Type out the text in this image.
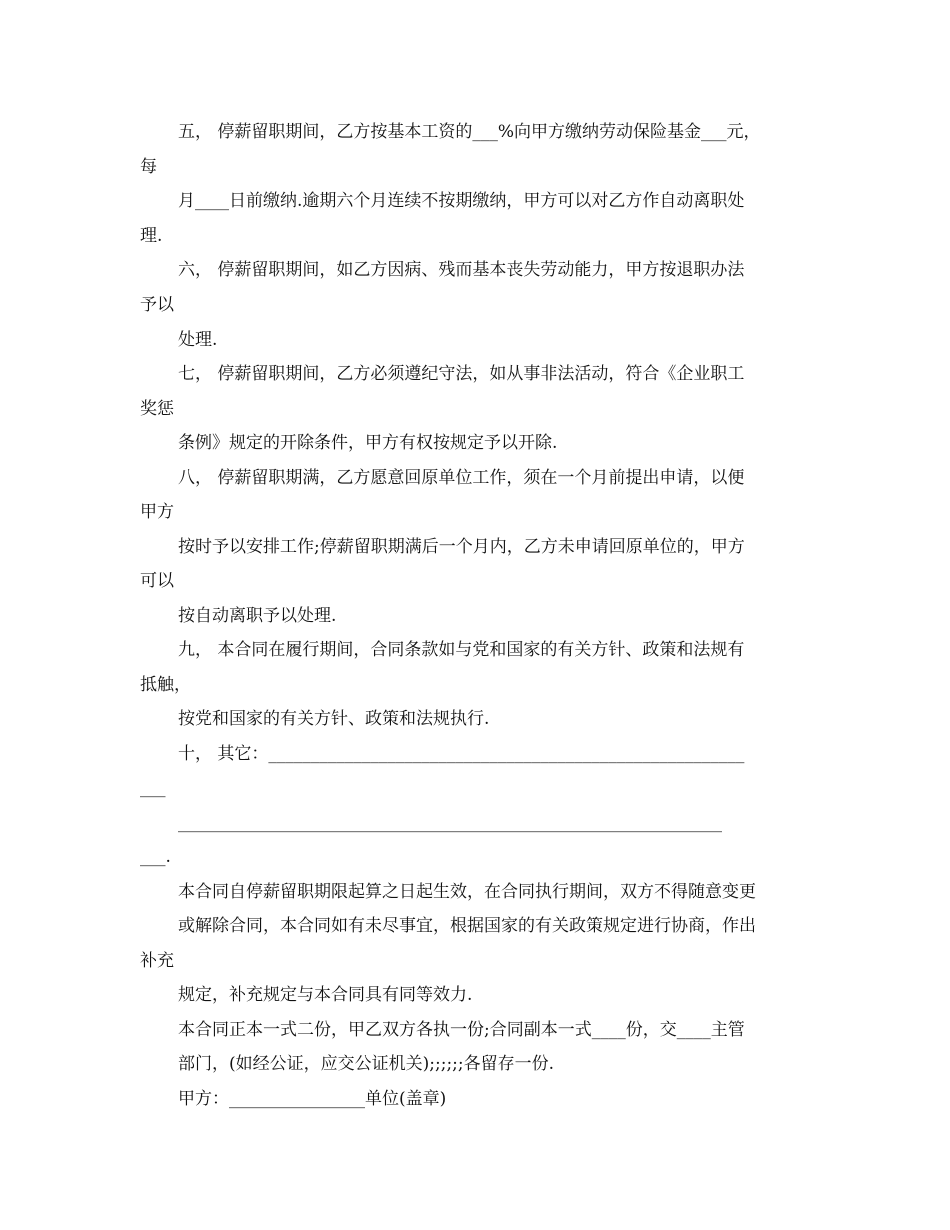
五， 停薪留职期间，乙方按基本工资的___%向甲方缴纳劳动保险基金___元，
每
月____日前缴纳.逾期六个月连续不按期缴纳，甲方可以对乙方作自动离职处
理.
六， 停薪留职期间，如乙方因病、残而基本丧失劳动能力，甲方按退职办法
予以
处理.
七， 停薪留职期间，乙方必须遵纪守法，如从事非法活动，符合《企业职工
奖惩
条例》规定的开除条件，甲方有权按规定予以开除.
八， 停薪留职期满，乙方愿意回原单位工作，须在一个月前提出申请，以便
甲方
按时予以安排工作;停薪留职期满后一个月内，乙方未申请回原单位的，甲方
可以
按自动离职予以处理.
九， 本合同在履行期间，合同条款如与党和国家的有关方针、政策和法规有
抵触，
按党和国家的有关方针、政策和法规执行.
十， 其它：________________________________________________________
___
________________________________________________________________
___.
本合同自停薪留职期限起算之日起生效，在合同执行期间，双方不得随意变更
或解除合同，本合同如有未尽事宜，根据国家的有关政策规定进行协商，作出
补充
规定，补充规定与本合同具有同等效力.
本合同正本一式二份，甲乙双方各执一份;合同副本一式____份，交____主管
部门，(如经公证，应交公证机关);;;;;;各留存一份.
甲方：________________单位(盖章)
